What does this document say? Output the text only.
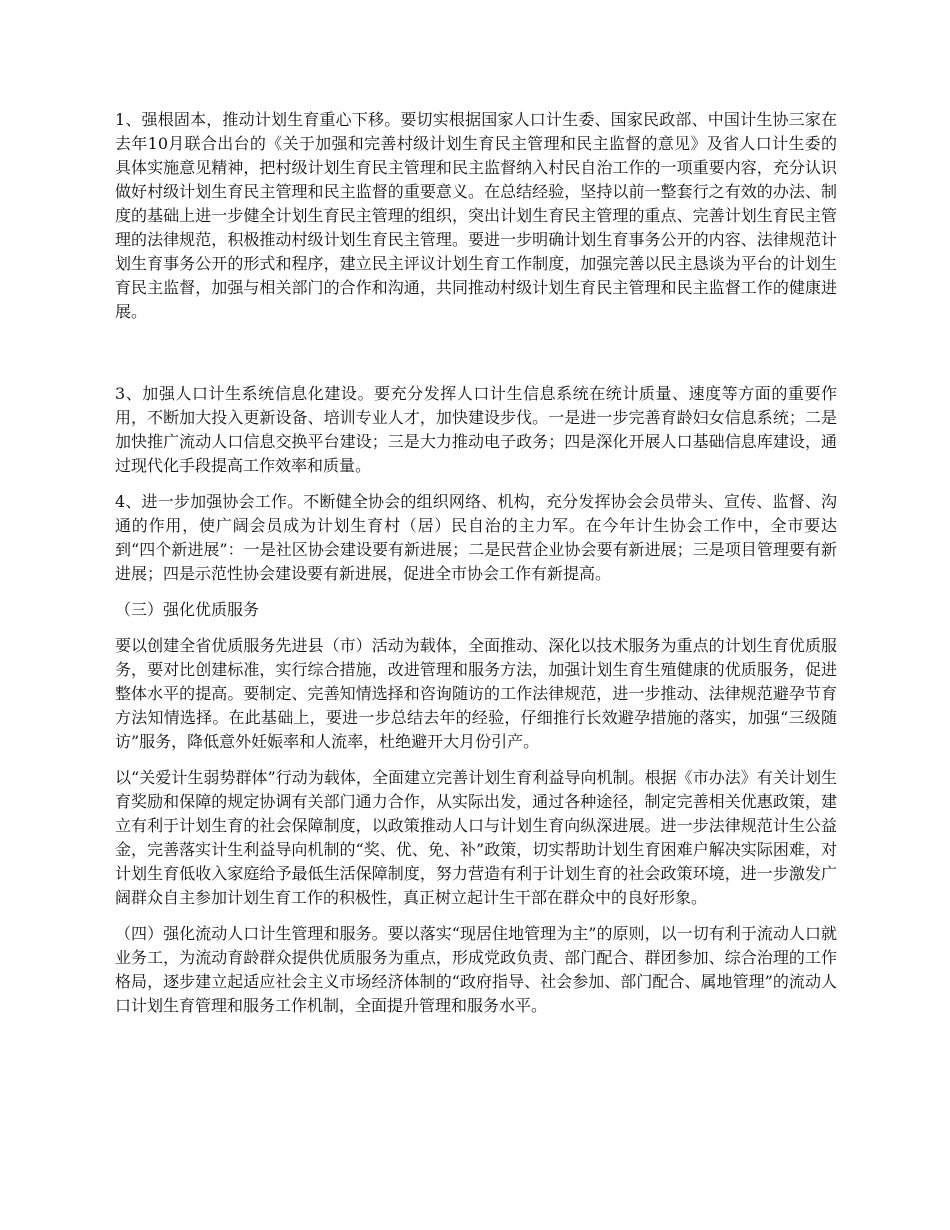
1、强根固本，推动计划生育重心下移。要切实根据国家人口计生委、国家民政部、中国计生协三家在去年10月联合出台的《关于加强和完善村级计划生育民主管理和民主监督的意见》及省人口计生委的具体实施意见精神，把村级计划生育民主管理和民主监督纳入村民自治工作的一项重要内容，充分认识做好村级计划生育民主管理和民主监督的重要意义。在总结经验，坚持以前一整套行之有效的办法、制度的基础上进一步健全计划生育民主管理的组织，突出计划生育民主管理的重点、完善计划生育民主管理的法律规范，积极推动村级计划生育民主管理。要进一步明确计划生育事务公开的内容、法律规范计划生育事务公开的形式和程序，建立民主评议计划生育工作制度，加强完善以民主恳谈为平台的计划生育民主监督，加强与相关部门的合作和沟通，共同推动村级计划生育民主管理和民主监督工作的健康进展。

3、加强人口计生系统信息化建设。要充分发挥人口计生信息系统在统计质量、速度等方面的重要作用，不断加大投入更新设备、培训专业人才，加快建设步伐。一是进一步完善育龄妇女信息系统；二是加快推广流动人口信息交换平台建设；三是大力推动电子政务；四是深化开展人口基础信息库建设，通过现代化手段提高工作效率和质量。

4、进一步加强协会工作。不断健全协会的组织网络、机构，充分发挥协会会员带头、宣传、监督、沟通的作用，使广阔会员成为计划生育村（居）民自治的主力军。在今年计生协会工作中，全市要达到“四个新进展”：一是社区协会建设要有新进展；二是民营企业协会要有新进展；三是项目管理要有新进展；四是示范性协会建设要有新进展，促进全市协会工作有新提高。

（三）强化优质服务

要以创建全省优质服务先进县（市）活动为载体，全面推动、深化以技术服务为重点的计划生育优质服务，要对比创建标准，实行综合措施，改进管理和服务方法，加强计划生育生殖健康的优质服务，促进整体水平的提高。要制定、完善知情选择和咨询随访的工作法律规范，进一步推动、法律规范避孕节育方法知情选择。在此基础上，要进一步总结去年的经验，仔细推行长效避孕措施的落实，加强“三级随访”服务，降低意外妊娠率和人流率，杜绝避开大月份引产。

以“关爱计生弱势群体”行动为载体，全面建立完善计划生育利益导向机制。根据《市办法》有关计划生育奖励和保障的规定协调有关部门通力合作，从实际出发，通过各种途径，制定完善相关优惠政策，建立有利于计划生育的社会保障制度，以政策推动人口与计划生育向纵深进展。进一步法律规范计生公益金，完善落实计生利益导向机制的“奖、优、免、补”政策，切实帮助计划生育困难户解决实际困难，对计划生育低收入家庭给予最低生活保障制度，努力营造有利于计划生育的社会政策环境，进一步激发广阔群众自主参加计划生育工作的积极性，真正树立起计生干部在群众中的良好形象。

（四）强化流动人口计生管理和服务。要以落实“现居住地管理为主”的原则，以一切有利于流动人口就业务工，为流动育龄群众提供优质服务为重点，形成党政负责、部门配合、群团参加、综合治理的工作格局，逐步建立起适应社会主义市场经济体制的“政府指导、社会参加、部门配合、属地管理”的流动人口计划生育管理和服务工作机制，全面提升管理和服务水平。
